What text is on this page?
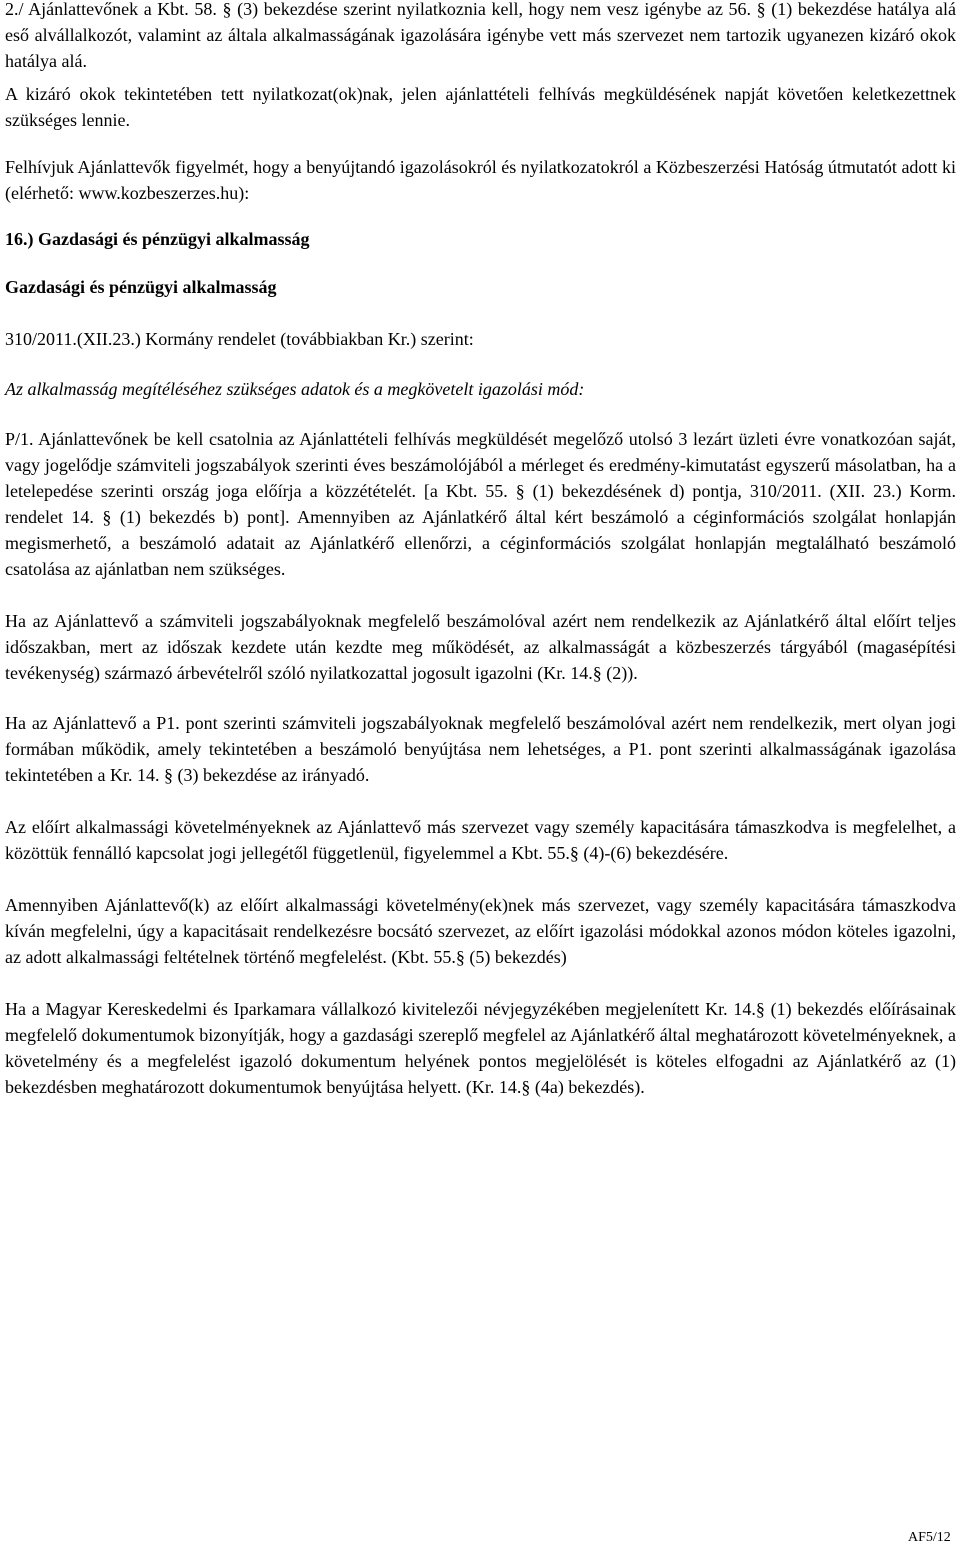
2./ Ajánlattevőnek a Kbt. 58. § (3) bekezdése szerint nyilatkoznia kell, hogy nem vesz igénybe az 56. § (1) bekezdése hatálya alá eső alvállalkozót, valamint az általa alkalmasságának igazolására igénybe vett más szervezet nem tartozik ugyanezen kizáró okok hatálya alá.

A kizáró okok tekintetében tett nyilatkozat(ok)nak, jelen ajánlattételi felhívás megküldésének napját követően keletkezettnek szükséges lennie.

Felhívjuk Ajánlattevők figyelmét, hogy a benyújtandó igazolásokról és nyilatkozatokról a Közbeszerzési Hatóság útmutatót adott ki (elérhető: www.kozbeszerzes.hu):

16.) Gazdasági és pénzügyi alkalmasság

Gazdasági és pénzügyi alkalmasság

310/2011.(XII.23.) Kormány rendelet (továbbiakban Kr.) szerint:

Az alkalmasság megítéléséhez szükséges adatok és a megkövetelt igazolási mód:

P/1. Ajánlattevőnek be kell csatolnia az Ajánlattételi felhívás megküldését megelőző utolsó 3 lezárt üzleti évre vonatkozóan saját, vagy jogelődje számviteli jogszabályok szerinti éves beszámolójából a mérleget és eredmény-kimutatást egyszerű másolatban, ha a letelepedése szerinti ország joga előírja a közzétételét. [a Kbt. 55. § (1) bekezdésének d) pontja, 310/2011. (XII. 23.) Korm. rendelet 14. § (1) bekezdés b) pont]. Amennyiben az Ajánlatkérő által kért beszámoló a céginformációs szolgálat honlapján megismerhető, a beszámoló adatait az Ajánlatkérő ellenőrzi, a céginformációs szolgálat honlapján megtalálható beszámoló csatolása az ajánlatban nem szükséges.

Ha az Ajánlattevő a számviteli jogszabályoknak megfelelő beszámolóval azért nem rendelkezik az Ajánlatkérő által előírt teljes időszakban, mert az időszak kezdete után kezdte meg működését, az alkalmasságát a közbeszerzés tárgyából (magasépítési tevékenység) származó árbevételről szóló nyilatkozattal jogosult igazolni (Kr. 14.§ (2)).

Ha az Ajánlattevő a P1. pont szerinti számviteli jogszabályoknak megfelelő beszámolóval azért nem rendelkezik, mert olyan jogi formában működik, amely tekintetében a beszámoló benyújtása nem lehetséges, a P1. pont szerinti alkalmasságának igazolása tekintetében a Kr. 14. § (3) bekezdése az irányadó.

Az előírt alkalmassági követelményeknek az Ajánlattevő más szervezet vagy személy kapacitására támaszkodva is megfelelhet, a közöttük fennálló kapcsolat jogi jellegétől függetlenül, figyelemmel a Kbt. 55.§ (4)-(6) bekezdésére.

Amennyiben Ajánlattevő(k) az előírt alkalmassági követelmény(ek)nek más szervezet, vagy személy kapacitására támaszkodva kíván megfelelni, úgy a kapacitásait rendelkezésre bocsátó szervezet, az előírt igazolási módokkal azonos módon köteles igazolni, az adott alkalmassági feltételnek történő megfelelést. (Kbt. 55.§ (5) bekezdés)

Ha a Magyar Kereskedelmi és Iparkamara vállalkozó kivitelezői névjegyzékében megjelenített Kr. 14.§ (1) bekezdés előírásainak megfelelő dokumentumok bizonyítják, hogy a gazdasági szereplő megfelel az Ajánlatkérő által meghatározott követelményeknek, a követelmény és a megfelelést igazoló dokumentum helyének pontos megjelölését is köteles elfogadni az Ajánlatkérő az (1) bekezdésben meghatározott dokumentumok benyújtása helyett. (Kr. 14.§ (4a) bekezdés).

AF5/12
